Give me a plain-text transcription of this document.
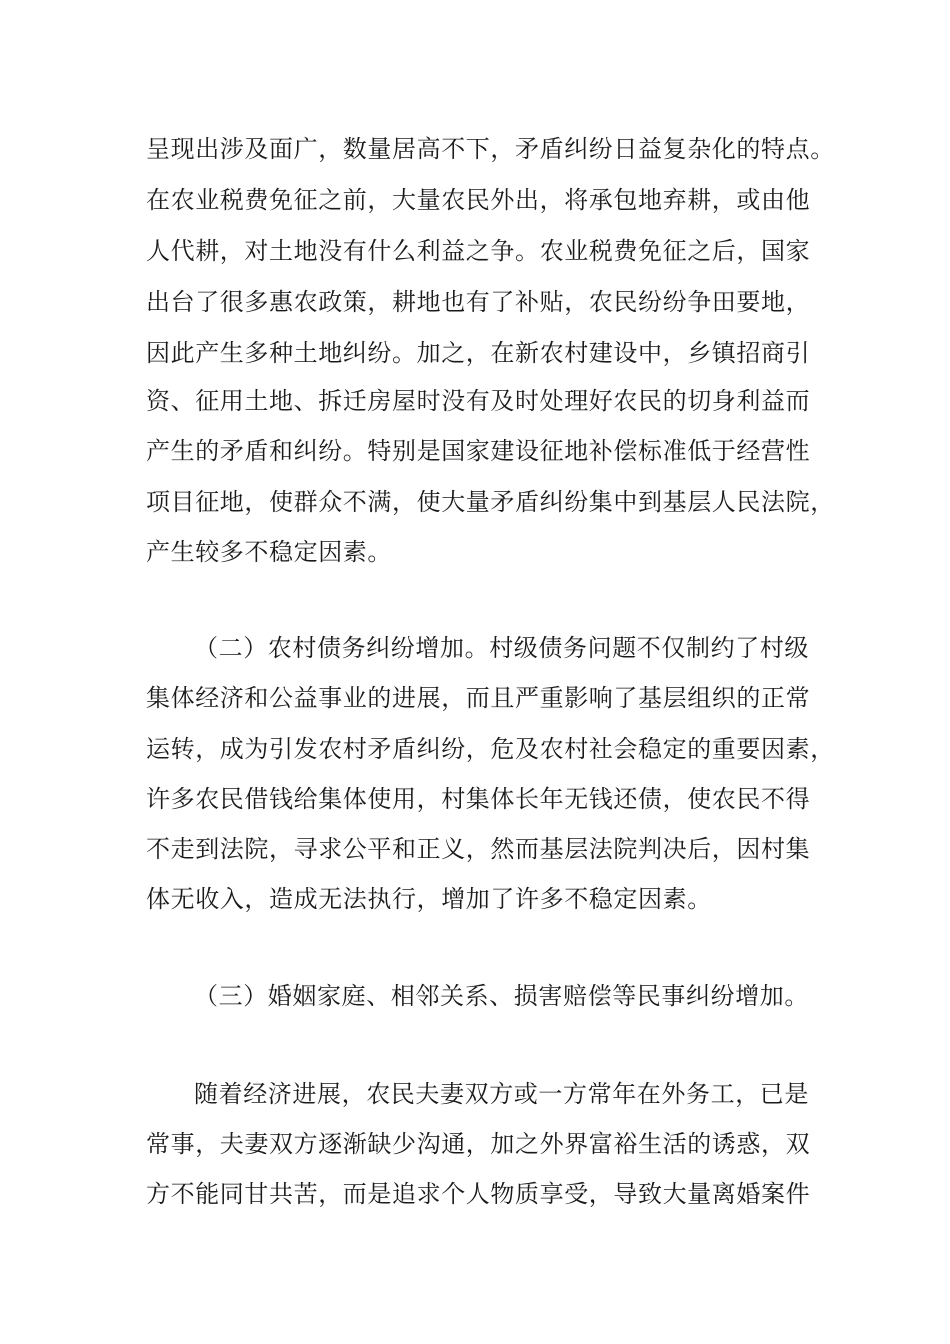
呈现出涉及面广，数量居高不下，矛盾纠纷日益复杂化的特点。
在农业税费免征之前，大量农民外出，将承包地弃耕，或由他
人代耕，对土地没有什么利益之争。农业税费免征之后，国家
出台了很多惠农政策，耕地也有了补贴，农民纷纷争田要地，
因此产生多种土地纠纷。加之，在新农村建设中，乡镇招商引
资、征用土地、拆迁房屋时没有及时处理好农民的切身利益而
产生的矛盾和纠纷。特别是国家建设征地补偿标准低于经营性
项目征地，使群众不满，使大量矛盾纠纷集中到基层人民法院，
产生较多不稳定因素。
（二）农村债务纠纷增加。村级债务问题不仅制约了村级
集体经济和公益事业的进展，而且严重影响了基层组织的正常
运转，成为引发农村矛盾纠纷，危及农村社会稳定的重要因素，
许多农民借钱给集体使用，村集体长年无钱还债，使农民不得
不走到法院，寻求公平和正义，然而基层法院判决后，因村集
体无收入，造成无法执行，增加了许多不稳定因素。
（三）婚姻家庭、相邻关系、损害赔偿等民事纠纷增加。
随着经济进展，农民夫妻双方或一方常年在外务工，已是
常事，夫妻双方逐渐缺少沟通，加之外界富裕生活的诱惑，双
方不能同甘共苦，而是追求个人物质享受，导致大量离婚案件
